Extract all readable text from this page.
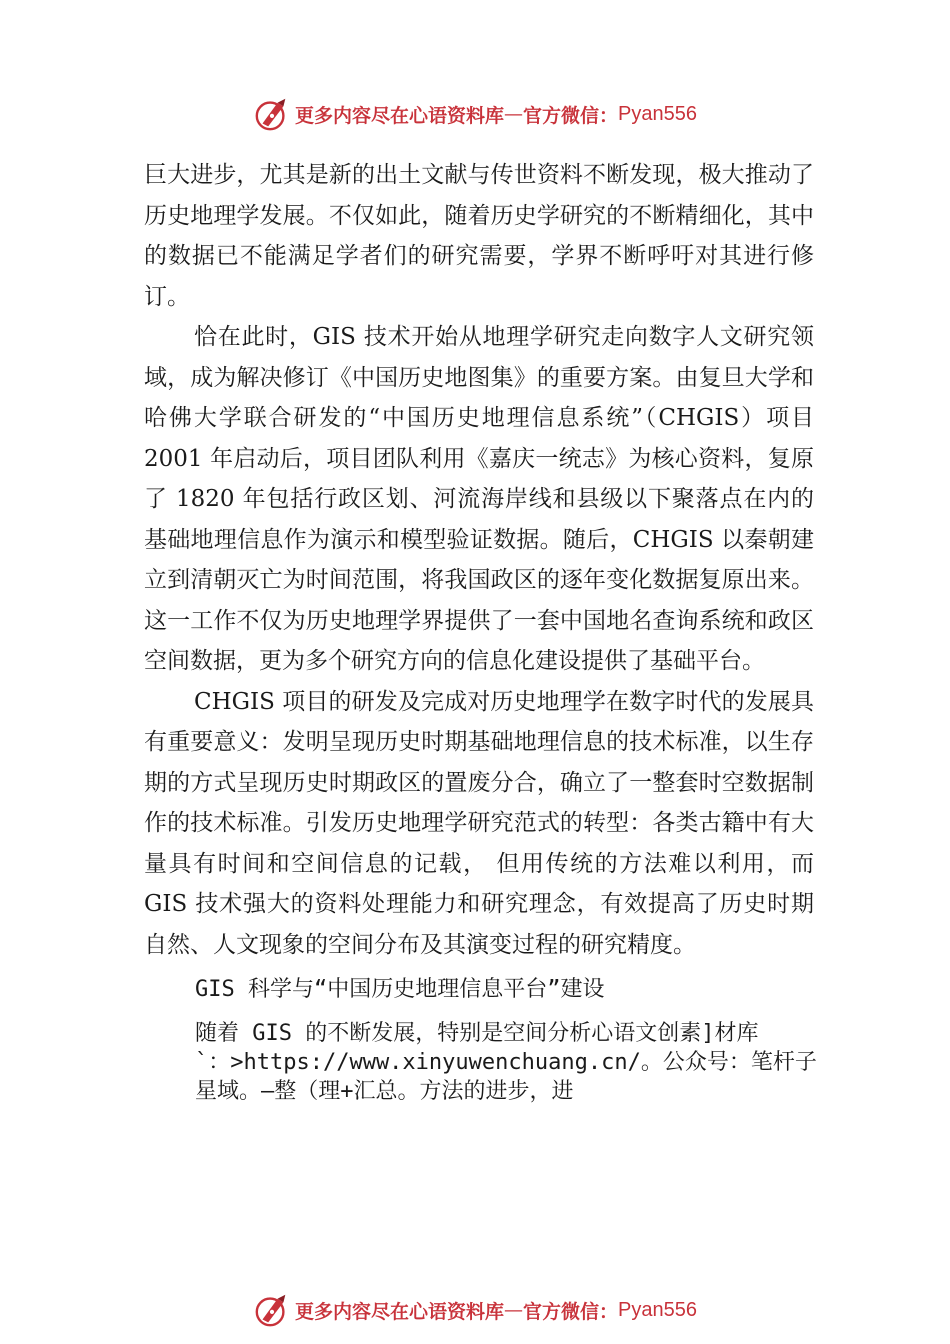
更多内容尽在心语资料库 — 官方微信： Pyan556

巨大进步，尤其是新的出土文献与传世资料不断发现，极大推动了历史地理学发展。不仅如此，随着历史学研究的不断精细化，其中的数据已不能满足学者们的研究需要，学界不断呼吁对其进行修订。

恰在此时，GIS 技术开始从地理学研究走向数字人文研究领域，成为解决修订《中国历史地图集》的重要方案。由复旦大学和哈佛大学联合研发的“中国历史地理信息系统”（CHGIS）项目 2001 年启动后，项目团队利用《嘉庆一统志》为核心资料，复原了 1820 年包括行政区划、河流海岸线和县级以下聚落点在内的基础地理信息作为演示和模型验证数据。随后，CHGIS 以秦朝建立到清朝灭亡为时间范围，将我国政区的逐年变化数据复原出来。这一工作不仅为历史地理学界提供了一套中国地名查询系统和政区空间数据，更为多个研究方向的信息化建设提供了基础平台。

CHGIS 项目的研发及完成对历史地理学在数字时代的发展具有重要意义：发明呈现历史时期基础地理信息的技术标准，以生存期的方式呈现历史时期政区的置废分合，确立了一整套时空数据制作的技术标准。引发历史地理学研究范式的转型：各类古籍中有大量具有时间和空间信息的记载， 但用传统的方法难以利用，而 GIS 技术强大的资料处理能力和研究理念，有效提高了历史时期自然、人文现象的空间分布及其演变过程的研究精度。

GIS 科学与“中国历史地理信息平台”建设

随着 GIS 的不断发展，特别是空间分析心语文创素]材库

`：>https://www.xinyuwenchuang.cn/。公众号：笔杆子

星域。—整（理+汇总。方法的进步，进

更多内容尽在心语资料库 — 官方微信： Pyan556
